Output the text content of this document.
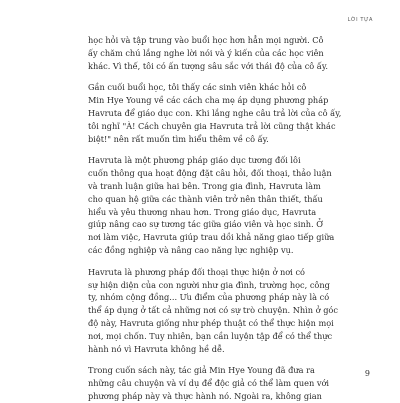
LỜI TỰA
học hỏi và tập trung vào buổi học hơn hẳn mọi người. Cô
ấy chăm chú lắng nghe lời nói và ý kiến của các học viên
khác. Vì thế, tôi có ấn tượng sâu sắc với thái độ của cô ấy.
Gần cuối buổi học, tôi thấy các sinh viên khác hỏi cô
Min Hye Young về các cách cha mẹ áp dụng phương pháp
Havruta để giáo dục con. Khi lắng nghe câu trả lời của cô ấy,
tôi nghĩ "À! Cách chuyên gia Havruta trả lời cũng thật khác
biệt!" nên rất muốn tìm hiểu thêm về cô ấy.
Havruta là một phương pháp giáo dục tương đối lôi
cuốn thông qua hoạt động đặt câu hỏi, đối thoại, thảo luận
và tranh luận giữa hai bên. Trong gia đình, Havruta làm
cho quan hệ giữa các thành viên trở nên thân thiết, thấu
hiểu và yêu thương nhau hơn. Trong giáo dục, Havruta
giúp nâng cao sự tương tác giữa giáo viên và học sinh. Ở
nơi làm việc, Havruta giúp trau dồi khả năng giao tiếp giữa
các đồng nghiệp và nâng cao năng lực nghiệp vụ.
Havruta là phương pháp đối thoại thực hiện ở nơi có
sự hiện diện của con người như gia đình, trường học, công
ty, nhóm cộng đồng... Ưu điểm của phương pháp này là có
thể áp dụng ở tất cả những nơi có sự trò chuyện. Nhìn ở góc
độ này, Havruta giống như phép thuật có thể thực hiện mọi
nơi, mọi chốn. Tuy nhiên, bạn cần luyện tập để có thể thực
hành nó vì Havruta không hề dễ.
Trong cuốn sách này, tác giả Min Hye Young đã đưa ra
những câu chuyện và ví dụ để độc giả có thể làm quen với
phương pháp này và thực hành nó. Ngoài ra, không gian
9
